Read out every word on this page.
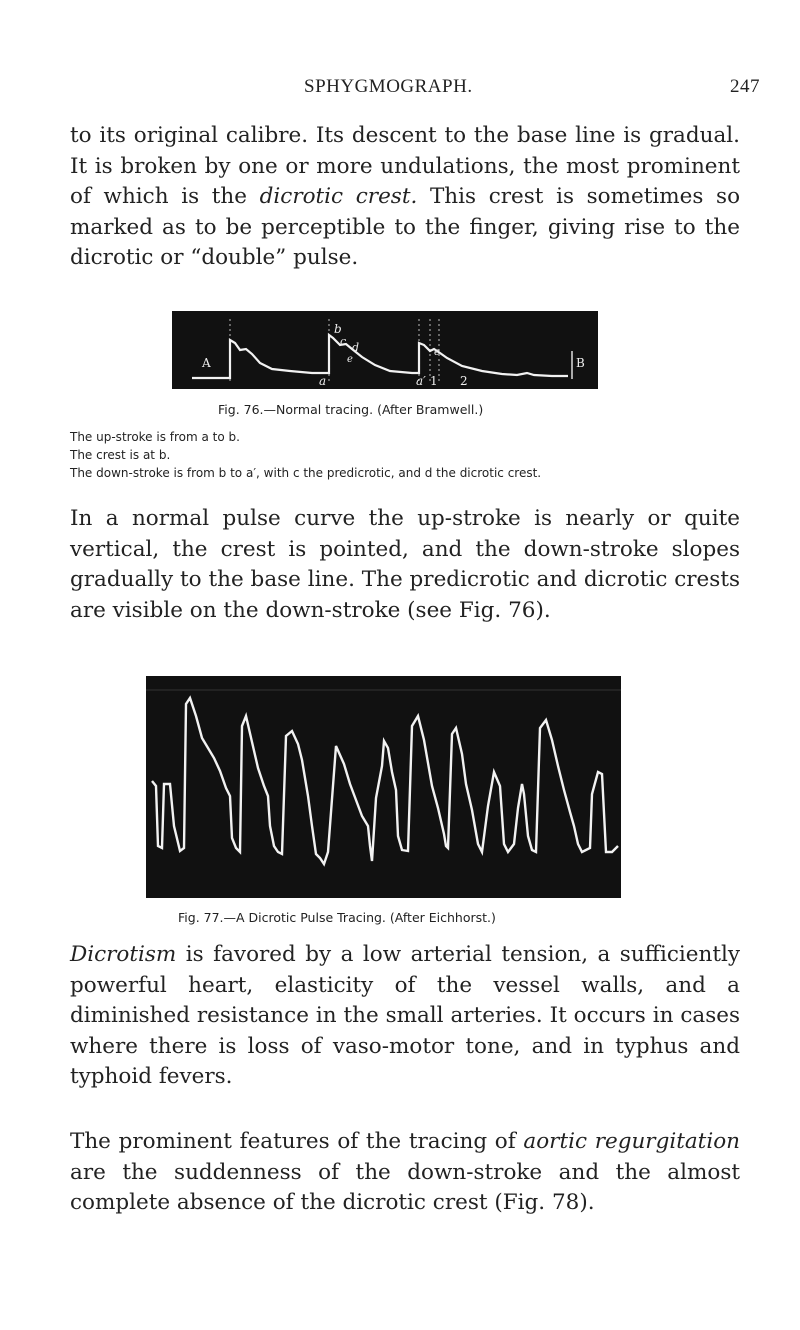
SPHYGMOGRAPH.	247

to its original calibre. Its descent to the base line is gradual. It is broken by one or more undulations, the most prominent of which is the dicrotic crest. This crest is sometimes so marked as to be perceptible to the finger, giving rise to the dicrotic or “double” pulse.

A	B
a	a′
b
c d
e
e
1 2
Fig. 76.—Normal tracing. (After Bramwell.)
The up-stroke is from a to b.
The crest is at b.
The down-stroke is from b to a′, with c the predicrotic, and d the dicrotic crest.

In a normal pulse curve the up-stroke is nearly or quite vertical, the crest is pointed, and the down-stroke slopes gradually to the base line. The predicrotic and dicrotic crests are visible on the down-stroke (see Fig. 76).

Fig. 77.—A Dicrotic Pulse Tracing. (After Eichhorst.)

Dicrotism is favored by a low arterial tension, a sufficiently powerful heart, elasticity of the vessel walls, and a diminished resistance in the small arteries. It occurs in cases where there is loss of vaso-motor tone, and in typhus and typhoid fevers.

The prominent features of the tracing of aortic regurgitation are the suddenness of the down-stroke and the almost complete absence of the dicrotic crest (Fig. 78).
